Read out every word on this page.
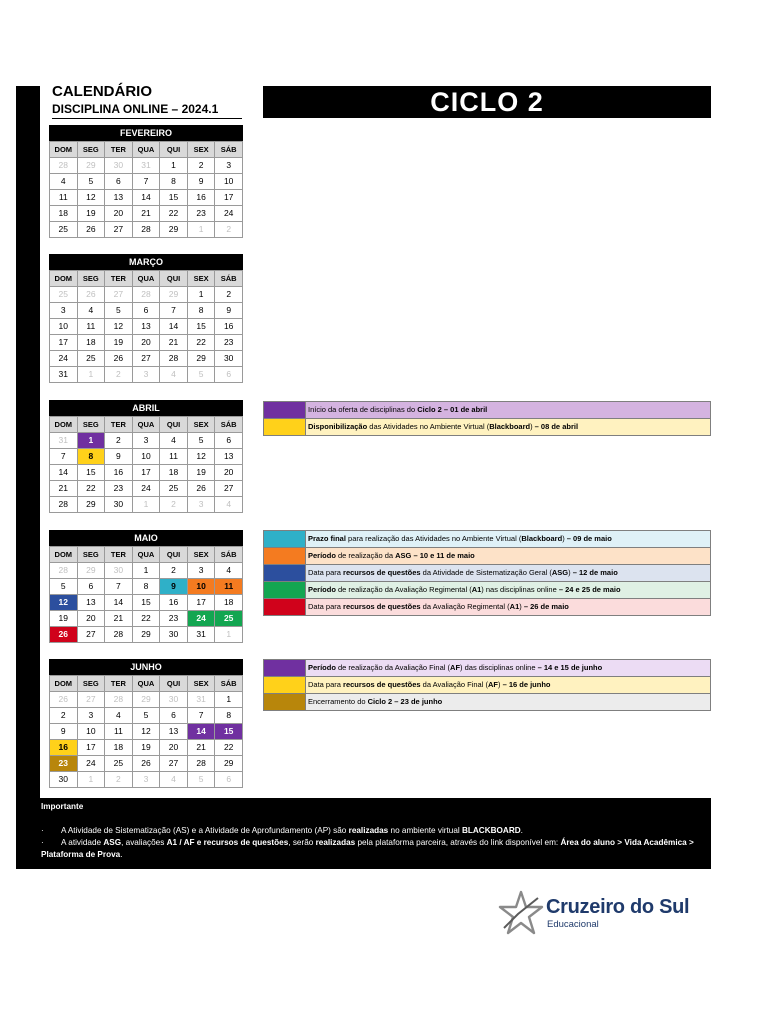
CALENDÁRIO
DISCIPLINA ONLINE – 2024.1	CICLO 2
FEVEREIRO
DOM	SEG	TER	QUA	QUI	SEX	SÁB
28	29	30	31	1	2	3
4	5	6	7	8	9	10
11	12	13	14	15	16	17
18	19	20	21	22	23	24
25	26	27	28	29	1	2
MARÇO
DOM	SEG	TER	QUA	QUI	SEX	SÁB
25	26	27	28	29	1	2
3	4	5	6	7	8	9
10	11	12	13	14	15	16
17	18	19	20	21	22	23
24	25	26	27	28	29	30
31	1	2	3	4	5	6
ABRIL
DOM	SEG	TER	QUA	QUI	SEX	SÁB
31	1	2	3	4	5	6
7	8	9	10	11	12	13
14	15	16	17	18	19	20
21	22	23	24	25	26	27
28	29	30	1	2	3	4
MAIO
DOM	SEG	TER	QUA	QUI	SEX	SÁB
28	29	30	1	2	3	4
5	6	7	8	9	10	11
12	13	14	15	16	17	18
19	20	21	22	23	24	25
26	27	28	29	30	31	1
JUNHO
DOM	SEG	TER	QUA	QUI	SEX	SÁB
26	27	28	29	30	31	1
2	3	4	5	6	7	8
9	10	11	12	13	14	15
16	17	18	19	20	21	22
23	24	25	26	27	28	29
30	1	2	3	4	5	6
Início da oferta de disciplinas do Ciclo 2 – 01 de abril
Disponibilização das Atividades no Ambiente Virtual (Blackboard) – 08 de abril
Prazo final para realização das Atividades no Ambiente Virtual (Blackboard) – 09 de maio
Período de realização da ASG – 10 e 11 de maio
Data para recursos de questões da Atividade de Sistematização Geral (ASG) – 12 de maio
Período de realização da Avaliação Regimental (A1) nas disciplinas online – 24 e 25 de maio
Data para recursos de questões da Avaliação Regimental (A1) – 26 de maio
Período de realização da Avaliação Final (AF) das disciplinas online – 14 e 15 de junho
Data para recursos de questões da Avaliação Final (AF) – 16 de junho
Encerramento do Ciclo 2 – 23 de junho
Importante
· A Atividade de Sistematização (AS) e a Atividade de Aprofundamento (AP) são realizadas no ambiente virtual BLACKBOARD.
· A atividade ASG, avaliações A1 / AF e recursos de questões, serão realizadas pela plataforma parceira, através do link disponível em: Área do aluno > Vida Acadêmica > Plataforma de Prova.
Cruzeiro do Sul
Educacional
